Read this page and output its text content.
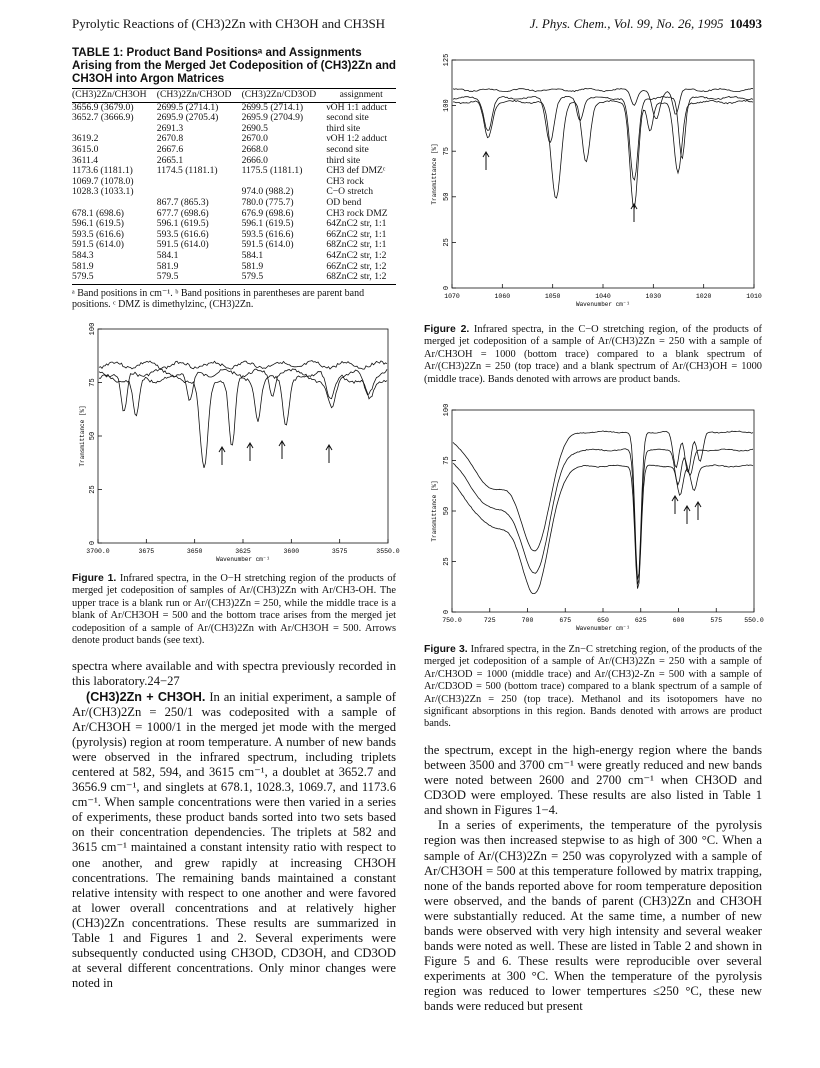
Pyrolytic Reactions of (CH3)2Zn with CH3OH and CH3SH	J. Phys. Chem., Vol. 99, No. 26, 1995 10493
TABLE 1: Product Band Positionsᵃ and Assignments Arising from the Merged Jet Codeposition of (CH3)2Zn and CH3OH into Argon Matrices
(CH3)2Zn/CH3OH	(CH3)2Zn/CH3OD	(CH3)2Zn/CD3OD	assignment
3656.9 (3679.0)	2699.5 (2714.1)	2699.5 (2714.1)	νOH 1:1 adduct
3652.7 (3666.9)	2695.9 (2705.4)	2695.9 (2704.9)	second site
	2691.3	2690.5	third site
3619.2	2670.8	2670.0	νOH 1:2 adduct
3615.0	2667.6	2668.0	second site
3611.4	2665.1	2666.0	third site
1173.6 (1181.1)	1174.5 (1181.1)	1175.5 (1181.1)	CH3 def DMZᶜ
1069.7 (1078.0)			CH3 rock
1028.3 (1033.1)		974.0 (988.2)	C−O stretch
	867.7 (865.3)	780.0 (775.7)	OD bend
678.1 (698.6)	677.7 (698.6)	676.9 (698.6)	CH3 rock DMZ
596.1 (619.5)	596.1 (619.5)	596.1 (619.5)	64ZnC2 str, 1:1
593.5 (616.6)	593.5 (616.6)	593.5 (616.6)	66ZnC2 str, 1:1
591.5 (614.0)	591.5 (614.0)	591.5 (614.0)	68ZnC2 str, 1:1
584.3	584.1	584.1	64ZnC2 str, 1:2
581.9	581.9	581.9	66ZnC2 str, 1:2
579.5	579.5	579.5	68ZnC2 str, 1:2
ᵃ Band positions in cm⁻¹. ᵇ Band positions in parentheses are parent band positions. ᶜ DMZ is dimethylzinc, (CH3)2Zn.
0
25
50
75
100
3700.0	3675	3650	3625	3600	3575	3550.0
Wavenumber cm⁻¹
Transmittance [%]
Figure 1. Infrared spectra, in the O−H stretching region of the products of merged jet codeposition of samples of Ar/(CH3)2Zn with Ar/CH3-OH. The upper trace is a blank run or Ar/(CH3)2Zn = 250, while the middle trace is a blank of Ar/CH3OH = 500 and the bottom trace arises from the merged jet codeposition of a sample of Ar/(CH3)2Zn with Ar/CH3OH = 500. Arrows denote product bands (see text).

spectra where available and with spectra previously recorded in this laboratory.24−27

(CH3)2Zn + CH3OH. In an initial experiment, a sample of Ar/(CH3)2Zn = 250/1 was codeposited with a sample of Ar/CH3OH = 1000/1 in the merged jet mode with the merged (pyrolysis) region at room temperature. A number of new bands were observed in the infrared spectrum, including triplets centered at 582, 594, and 3615 cm⁻¹, a doublet at 3652.7 and 3656.9 cm⁻¹, and singlets at 678.1, 1028.3, 1069.7, and 1173.6 cm⁻¹. When sample concentrations were then varied in a series of experiments, these product bands sorted into two sets based on their concentration dependencies. The triplets at 582 and 3615 cm⁻¹ maintained a constant intensity ratio with respect to one another, and grew rapidly at increasing CH3OH concentrations. The remaining bands maintained a constant relative intensity with respect to one another and were favored at lower overall concentrations and at relatively higher (CH3)2Zn concentrations. These results are summarized in Table 1 and Figures 1 and 2. Several experiments were subsequently conducted using CH3OD, CD3OH, and CD3OD at several different concentrations. Only minor changes were noted in

0
25
50
75
100
125
1070	1060	1050	1040	1030	1020	1010
Wavenumber cm⁻¹
Transmittance [%]
Figure 2. Infrared spectra, in the C−O stretching region, of the products of merged jet codeposition of a sample of Ar/(CH3)2Zn = 250 with a sample of Ar/CH3OH = 1000 (bottom trace) compared to a blank spectrum of Ar/(CH3)2Zn = 250 (top trace) and a blank spectrum of Ar/(CH3)OH = 1000 (middle trace). Bands denoted with arrows are product bands.
0
25
50
75
100
750.0	725	700	675	650	625	600	575	550.0
Wavenumber cm⁻¹
Transmittance [%]
Figure 3. Infrared spectra, in the Zn−C stretching region, of the products of the merged jet codeposition of a sample of Ar/(CH3)2Zn = 250 with a sample of Ar/CH3OD = 1000 (middle trace) and Ar/(CH3)2-Zn = 500 with a sample of Ar/CD3OD = 500 (bottom trace) compared to a blank spectrum of a sample of Ar/(CH3)2Zn = 250 (top trace). Methanol and its isotopomers have no significant absorptions in this region. Bands denoted with arrows are product bands.

the spectrum, except in the high-energy region where the bands between 3500 and 3700 cm⁻¹ were greatly reduced and new bands were noted between 2600 and 2700 cm⁻¹ when CH3OD and CD3OD were employed. These results are also listed in Table 1 and shown in Figures 1−4.

In a series of experiments, the temperature of the pyrolysis region was then increased stepwise to as high of 300 °C. When a sample of Ar/(CH3)2Zn = 250 was copyrolyzed with a sample of Ar/CH3OH = 500 at this temperature followed by matrix trapping, none of the bands reported above for room temperature deposition were observed, and the bands of parent (CH3)2Zn and CH3OH were substantially reduced. At the same time, a number of new bands were observed with very high intensity and several weaker bands were noted as well. These are listed in Table 2 and shown in Figure 5 and 6. These results were reproducible over several experiments at 300 °C. When the temperature of the pyrolysis region was reduced to lower tempertures ≤250 °C, these new bands were reduced but present
